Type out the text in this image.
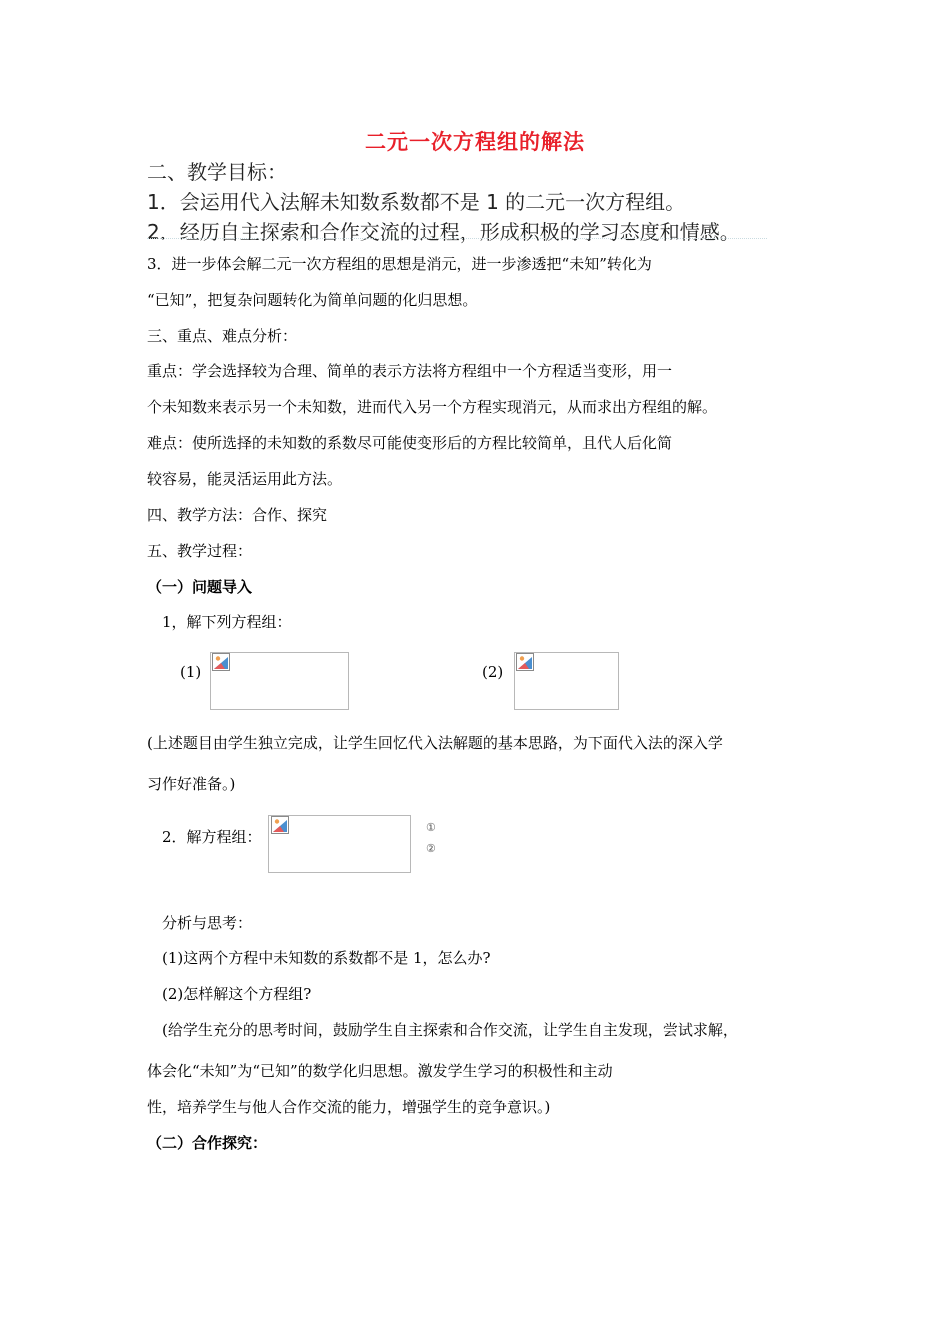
二元一次方程组的解法
二、教学目标：
1．会运用代入法解未知数系数都不是 1 的二元一次方程组。
2．经历自主探索和合作交流的过程，形成积极的学习态度和情感。
3．进一步体会解二元一次方程组的思想是消元，进一步渗透把“未知”转化为
“已知”，把复杂问题转化为简单问题的化归思想。
三、重点、难点分析：
重点：学会选择较为合理、简单的表示方法将方程组中一个方程适当变形，用一
个未知数来表示另一个未知数，进而代入另一个方程实现消元，从而求出方程组的解。
难点：使所选择的未知数的系数尽可能使变形后的方程比较简单，且代人后化简
较容易，能灵活运用此方法。
四、教学方法：合作、探究
五、教学过程：
（一）问题导入
1，解下列方程组：
(1)	(2)
(上述题目由学生独立完成，让学生回忆代入法解题的基本思路，为下面代入法的深入学
习作好准备。)
2．解方程组：
①
②
分析与思考：
(1)这两个方程中未知数的系数都不是 1，怎么办?
(2)怎样解这个方程组?
(给学生充分的思考时间，鼓励学生自主探索和合作交流，让学生自主发现，尝试求解，
体会化“未知”为“已知”的数学化归思想。激发学生学习的积极性和主动
性，培养学生与他人合作交流的能力，增强学生的竞争意识。)
（二）合作探究：
